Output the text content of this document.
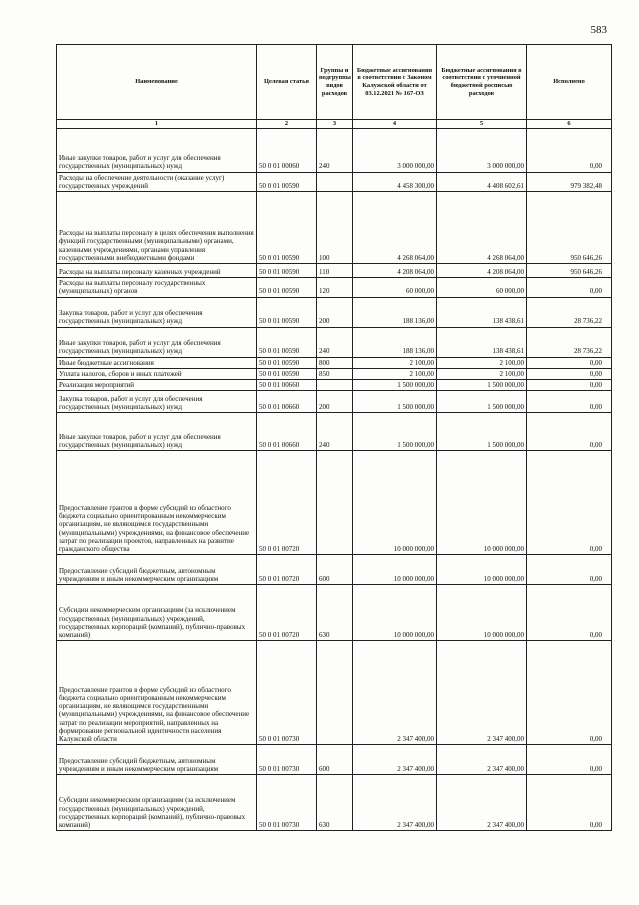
583
Наименование	Целевая статья	Группы и подгруппы видов расходов	Бюджетные ассигнования в соответствии с Законом Калужской области от 03.12.2021 № 167-ОЗ	Бюджетные ассигнования в соответствии с уточненной бюджетной росписью расходов	Исполнено
1	2	3	4	5	6
Иные закупки товаров, работ и услуг для обеспечения государственных (муниципальных) нужд	50 0 01 00060	240	3 000 000,00	3 000 000,00	0,00
Расходы на обеспечение деятельности (оказание услуг) государственных учреждений	50 0 01 00590		4 458 300,00	4 408 602,61	979 382,48
Расходы на выплаты персоналу в целях обеспечения выполнения функций государственными (муниципальными) органами, казенными учреждениями, органами управления государственными внебюджетными фондами	50 0 01 00590	100	4 268 064,00	4 268 064,00	950 646,26
Расходы на выплаты персоналу казенных учреждений	50 0 01 00590	110	4 208 064,00	4 208 064,00	950 646,26
Расходы на выплаты персоналу государственных (муниципальных) органов	50 0 01 00590	120	60 000,00	60 000,00	0,00
Закупка товаров, работ и услуг для обеспечения государственных (муниципальных) нужд	50 0 01 00590	200	188 136,00	138 438,61	28 736,22
Иные закупки товаров, работ и услуг для обеспечения государственных (муниципальных) нужд	50 0 01 00590	240	188 136,00	138 438,61	28 736,22
Иные бюджетные ассигнования	50 0 01 00590	800	2 100,00	2 100,00	0,00
Уплата налогов, сборов и иных платежей	50 0 01 00590	850	2 100,00	2 100,00	0,00
Реализация мероприятий	50 0 01 00660		1 500 000,00	1 500 000,00	0,00
Закупка товаров, работ и услуг для обеспечения государственных (муниципальных) нужд	50 0 01 00660	200	1 500 000,00	1 500 000,00	0,00
Иные закупки товаров, работ и услуг для обеспечения государственных (муниципальных) нужд	50 0 01 00660	240	1 500 000,00	1 500 000,00	0,00
Предоставление грантов в форме субсидий из областного бюджета социально ориентированным некоммерческим организациям, не являющимся государственными (муниципальными) учреждениями, на финансовое обеспечение затрат по реализации проектов, направленных на развитие гражданского общества	50 0 01 00720		10 000 000,00	10 000 000,00	0,00
Предоставление субсидий бюджетным, автономным учреждениям и иным некоммерческим организациям	50 0 01 00720	600	10 000 000,00	10 000 000,00	0,00
Субсидии некоммерческим организациям (за исключением государственных (муниципальных) учреждений, государственных корпораций (компаний), публично-правовых компаний)	50 0 01 00720	630	10 000 000,00	10 000 000,00	0,00
Предоставление грантов в форме субсидий из областного бюджета социально ориентированным некоммерческим организациям, не являющимся государственными (муниципальными) учреждениями, на финансовое обеспечение затрат по реализации мероприятий, направленных на формирование региональной идентичности населения Калужской области	50 0 01 00730		2 347 400,00	2 347 400,00	0,00
Предоставление субсидий бюджетным, автономным учреждениям и иным некоммерческим организациям	50 0 01 00730	600	2 347 400,00	2 347 400,00	0,00
Субсидии некоммерческим организациям (за исключением государственных (муниципальных) учреждений, государственных корпораций (компаний), публично-правовых компаний)	50 0 01 00730	630	2 347 400,00	2 347 400,00	0,00
